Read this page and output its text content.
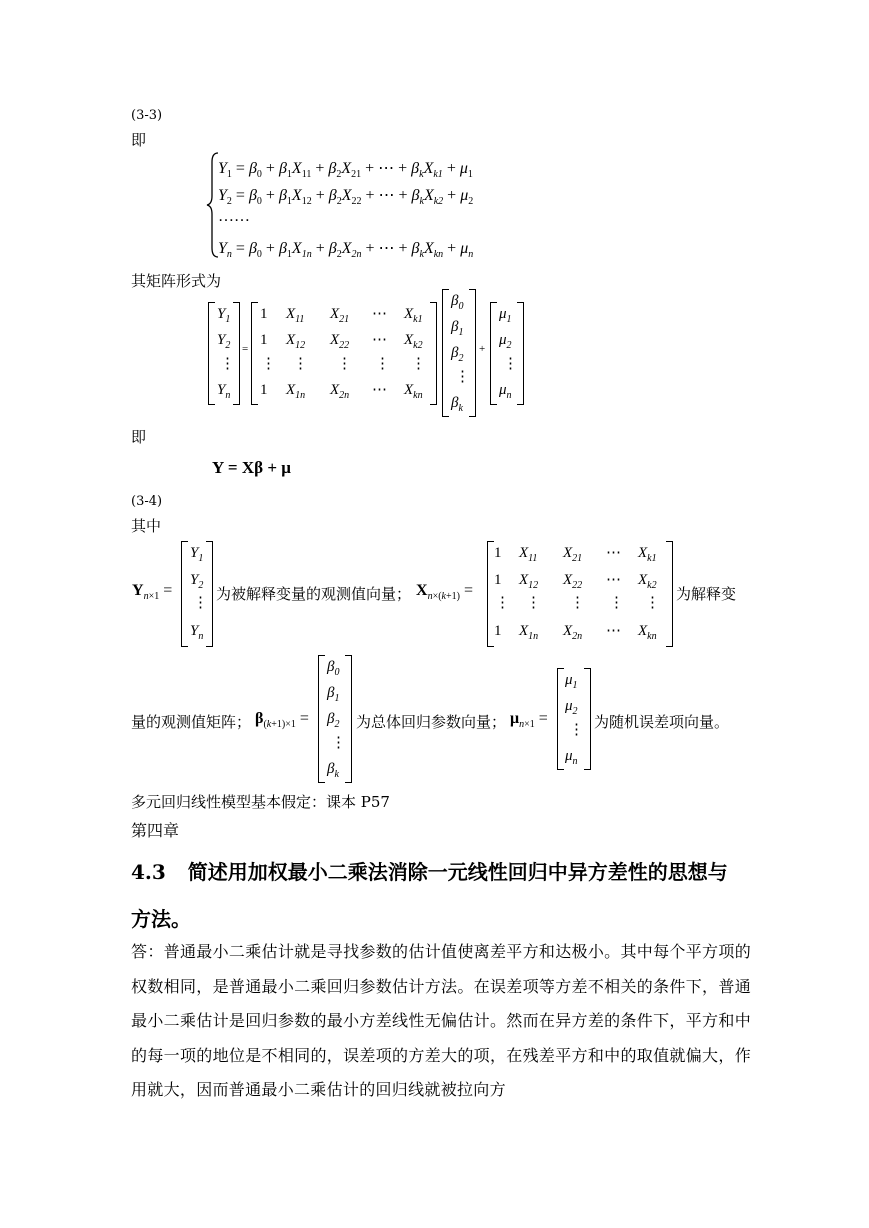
(3-3)
即
$Y_1 = \beta_0 + \beta_1X_{11} + \beta_2X_{21}$ + ⋯ + $\beta_kX_{k1} + \mu_1$
$Y_2 = \beta_0 + \beta_1X_{12} + \beta_2X_{22}$ + ⋯ + $\beta_kX_{k2} + \mu_2$
……
$Y_n = \beta_0 + \beta_1X_{1n} + \beta_2X_{2n}$ + ⋯ + $\beta_kX_{kn} + \mu_n$
其矩阵形式为
$Y_1$
$Y_2$
⋮
$Y_n$
=
1 $X_{11}$ $X_{21}$ ⋯ $X_{k1}$
1 $X_{12}$ $X_{22}$ ⋯ $X_{k2}$
⋮ ⋮ ⋮ ⋮ ⋮
1 $X_{1n}$ $X_{2n}$ ⋯ $X_{kn}$
$\beta_0$
$\beta_1$
$\beta_2$
⋮
$\beta_k$
+
$\mu_1$
$\mu_2$
⋮
$\mu_n$
即
Y = Xβ + μ
(3-4)
其中
$Y_{n\times 1}$ =
$Y_1$
$Y_2$
⋮
$Y_n$
为被解释变量的观测值向量； $X_{n\times(k+1)}$ =
1 $X_{11}$ $X_{21}$ ⋯ $X_{k1}$
1 $X_{12}$ $X_{22}$ ⋯ $X_{k2}$
⋮ ⋮ ⋮ ⋮ ⋮
1 $X_{1n}$ $X_{2n}$ ⋯ $X_{kn}$
为解释变
量的观测值矩阵； $\beta_{(k+1)\times 1}$ =
$\beta_0$
$\beta_1$
$\beta_2$
⋮
$\beta_k$
为总体回归参数向量； $\mu_{n\times 1}$ =
$\mu_1$
$\mu_2$
⋮
$\mu_n$
为随机误差项向量。
多元回归线性模型基本假定：课本 P57
第四章
4.3 简述用加权最小二乘法消除一元线性回归中异方差性的思想与
方法。
答：普通最小二乘估计就是寻找参数的估计值使离差平方和达极小。其中每个平方项的权数相同，是普通最小二乘回归参数估计方法。在误差项等方差不相关的条件下，普通最小二乘估计是回归参数的最小方差线性无偏估计。然而在异方差的条件下，平方和中的每一项的地位是不相同的，误差项的方差大的项，在残差平方和中的取值就偏大，作用就大，因而普通最小二乘估计的回归线就被拉向方
